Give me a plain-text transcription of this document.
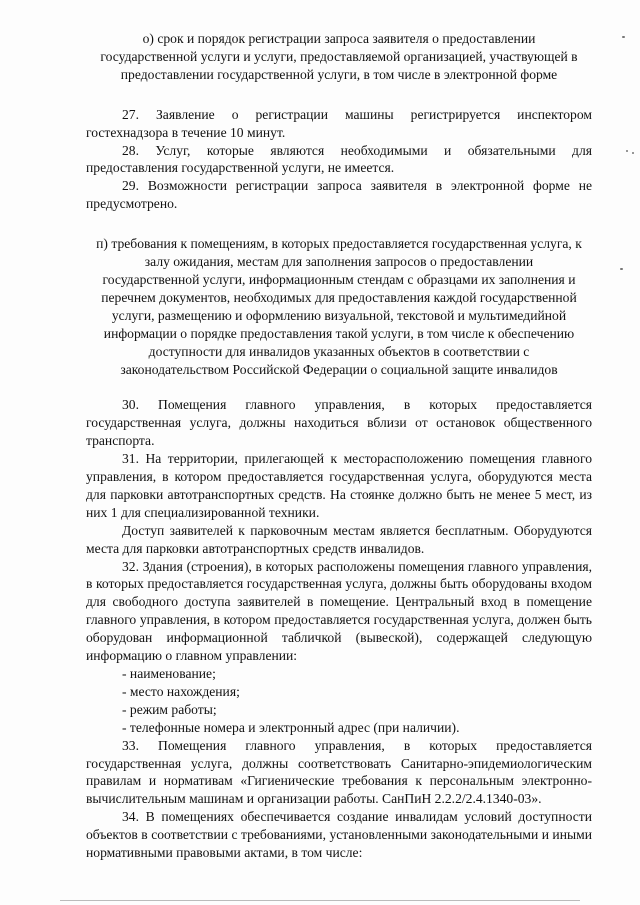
о) срок и порядок регистрации запроса заявителя о предоставлении государственной услуги и услуги, предоставляемой организацией, участвующей в предоставлении государственной услуги, в том числе в электронной форме

27. Заявление о регистрации машины регистрируется инспектором гостехнадзора в течение 10 минут.

28. Услуг, которые являются необходимыми и обязательными для предоставления государственной услуги, не имеется.

29. Возможности регистрации запроса заявителя в электронной форме не предусмотрено.

п) требования к помещениям, в которых предоставляется государственная услуга, к залу ожидания, местам для заполнения запросов о предоставлении государственной услуги, информационным стендам с образцами их заполнения и перечнем документов, необходимых для предоставления каждой государственной услуги, размещению и оформлению визуальной, текстовой и мультимедийной информации о порядке предоставления такой услуги, в том числе к обеспечению доступности для инвалидов указанных объектов в соответствии с законодательством Российской Федерации о социальной защите инвалидов

30. Помещения главного управления, в которых предоставляется государственная услуга, должны находиться вблизи от остановок общественного транспорта.

31. На территории, прилегающей к месторасположению помещения главного управления, в котором предоставляется государственная услуга, оборудуются места для парковки автотранспортных средств. На стоянке должно быть не менее 5 мест, из них 1 для специализированной техники.

Доступ заявителей к парковочным местам является бесплатным. Оборудуются места для парковки автотранспортных средств инвалидов.

32. Здания (строения), в которых расположены помещения главного управления, в которых предоставляется государственная услуга, должны быть оборудованы входом для свободного доступа заявителей в помещение. Центральный вход в помещение главного управления, в котором предоставляется государственная услуга, должен быть оборудован информационной табличкой (вывеской), содержащей следующую информацию о главном управлении:

- наименование;

- место нахождения;

- режим работы;

- телефонные номера и электронный адрес (при наличии).

33. Помещения главного управления, в которых предоставляется государственная услуга, должны соответствовать Санитарно-эпидемиологическим правилам и нормативам «Гигиенические требования к персональным электронно-вычислительным машинам и организации работы. СанПиН 2.2.2/2.4.1340-03».

34. В помещениях обеспечивается создание инвалидам условий доступности объектов в соответствии с требованиями, установленными законодательными и иными нормативными правовыми актами, в том числе:
